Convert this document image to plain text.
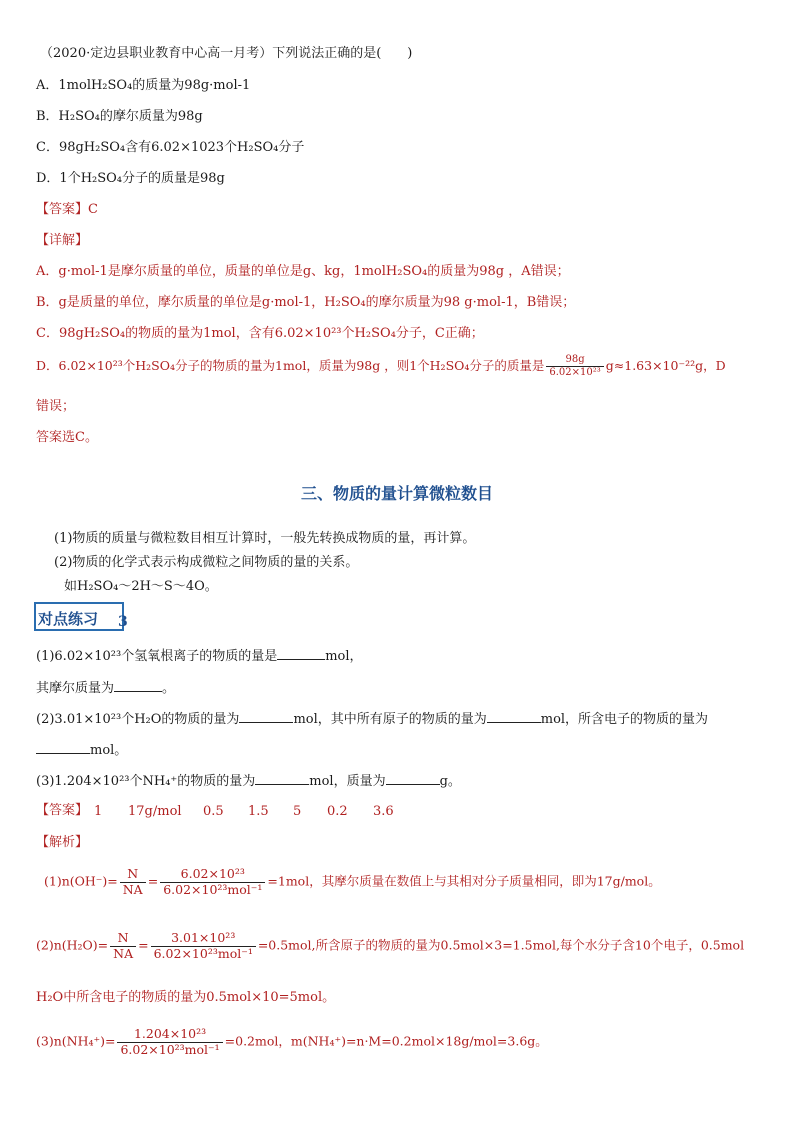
（2020·定边县职业教育中心高一月考）下列说法正确的是(　　)
A．1molH₂SO₄的质量为98g·mol-1
B．H₂SO₄的摩尔质量为98g
C．98gH₂SO₄含有6.02×1023个H₂SO₄分子
D．1个H₂SO₄分子的质量是98g
【答案】C
【详解】
A．g·mol-1是摩尔质量的单位，质量的单位是g、kg，1molH₂SO₄的质量为98g ，A错误；
B．g是质量的单位，摩尔质量的单位是g·mol-1，H₂SO₄的摩尔质量为98 g·mol-1，B错误；
C．98gH₂SO₄的物质的量为1mol，含有6.02×10²³个H₂SO₄分子，C正确；
D．6.02×10²³个H₂SO₄分子的物质的量为1mol，质量为98g ，则1个H₂SO₄分子的质量是 $\frac{98g}{\text{6.02×10²³}} g\approx 1.63\times 10^{-22}g$，D
错误；
答案选C。
三、物质的量计算微粒数目
(1)物质的质量与微粒数目相互计算时，一般先转换成物质的量，再计算。
(2)物质的化学式表示构成微粒之间物质的量的关系。
如H₂SO₄～2H～S～4O。
对点练习 3
(1)6.02×10²³个氢氧根离子的物质的量是	mol，
其摩尔质量为	。
(2)3.01×10²³个H₂O的物质的量为	mol，其中所有原子的物质的量为	mol，所含电子的物质的量为
mol。
(3)1.204×10²³个NH₄⁺的物质的量为	mol，质量为	g。
【答案】 1 17g/mol 0.5 1.5 5 0.2 3.6
【解析】
$(1)n(OH^-)= \frac{N}{NA} = \frac{\text{6.02×10²³}}{\text{6.02×10²³mol⁻¹}} =1mol$，其摩尔质量在数值上与其相对分子质量相同，即为17g/mol。
$(2)n(H_2O)= \frac{N}{NA} = \frac{\text{3.01×10²³}}{\text{6.02×10²³mol⁻¹}} =0.5mol$,所含原子的物质的量为0.5mol×3=1.5mol,每个水分子含10个电子，0.5mol
H₂O中所含电子的物质的量为0.5mol×10=5mol。
$(3)n(NH_4^+)= \frac{\text{1.204×10²³}}{\text{6.02×10²³mol⁻¹}} =0.2mol$，m(NH₄⁺)=n·M=0.2mol×18g/mol=3.6g。
